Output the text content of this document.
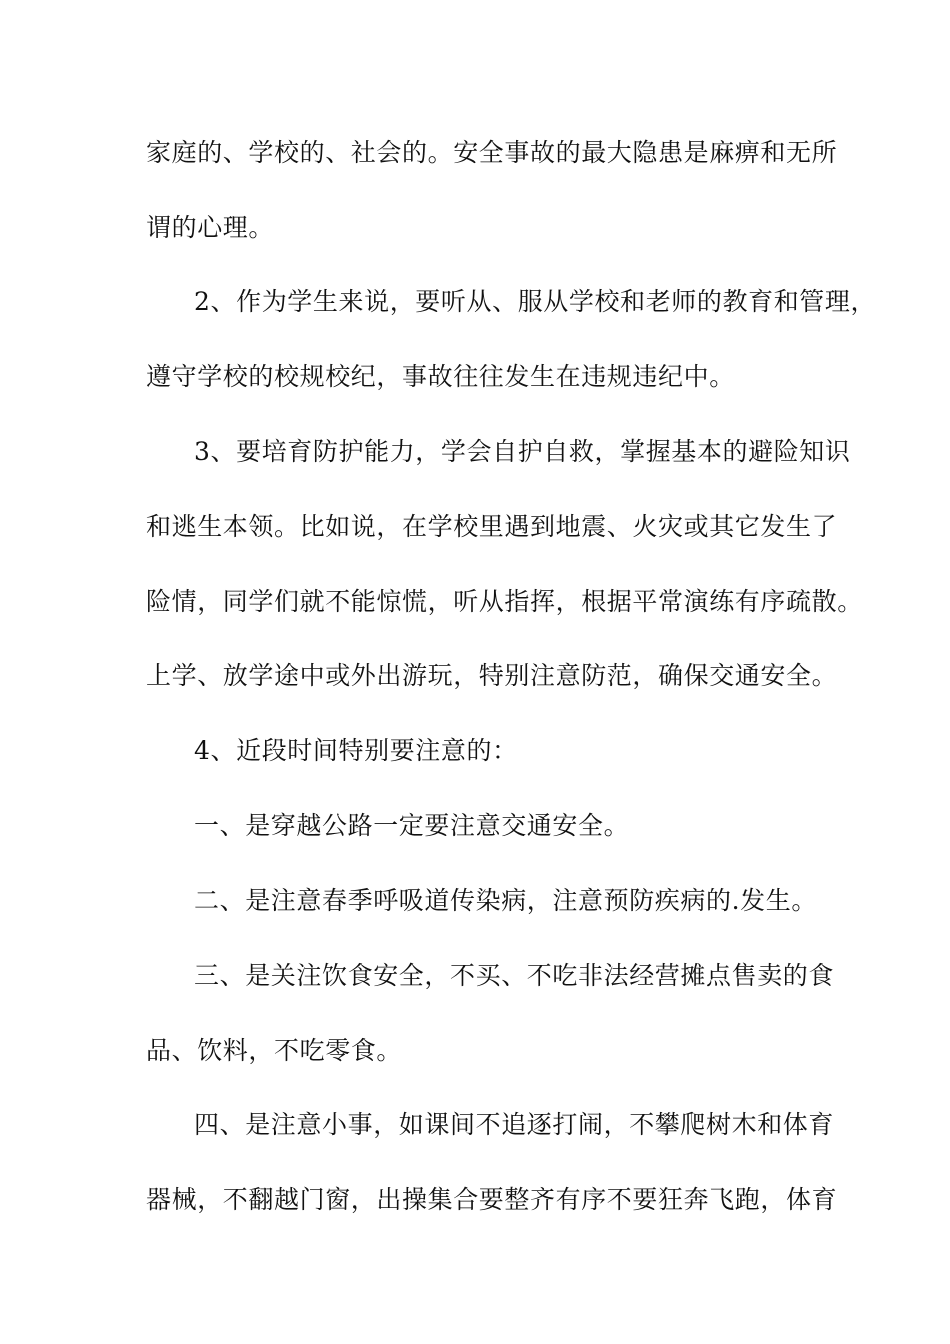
家庭的、学校的、社会的。安全事故的最大隐患是麻痹和无所

谓的心理。

2、作为学生来说，要听从、服从学校和老师的教育和管理，

遵守学校的校规校纪，事故往往发生在违规违纪中。

3、要培育防护能力，学会自护自救，掌握基本的避险知识

和逃生本领。比如说，在学校里遇到地震、火灾或其它发生了

险情，同学们就不能惊慌，听从指挥，根据平常演练有序疏散。

上学、放学途中或外出游玩，特别注意防范，确保交通安全。

4、近段时间特别要注意的：

一、是穿越公路一定要注意交通安全。

二、是注意春季呼吸道传染病，注意预防疾病的.发生。

三、是关注饮食安全，不买、不吃非法经营摊点售卖的食

品、饮料，不吃零食。

四、是注意小事，如课间不追逐打闹，不攀爬树木和体育

器械，不翻越门窗，出操集合要整齐有序不要狂奔飞跑，体育
